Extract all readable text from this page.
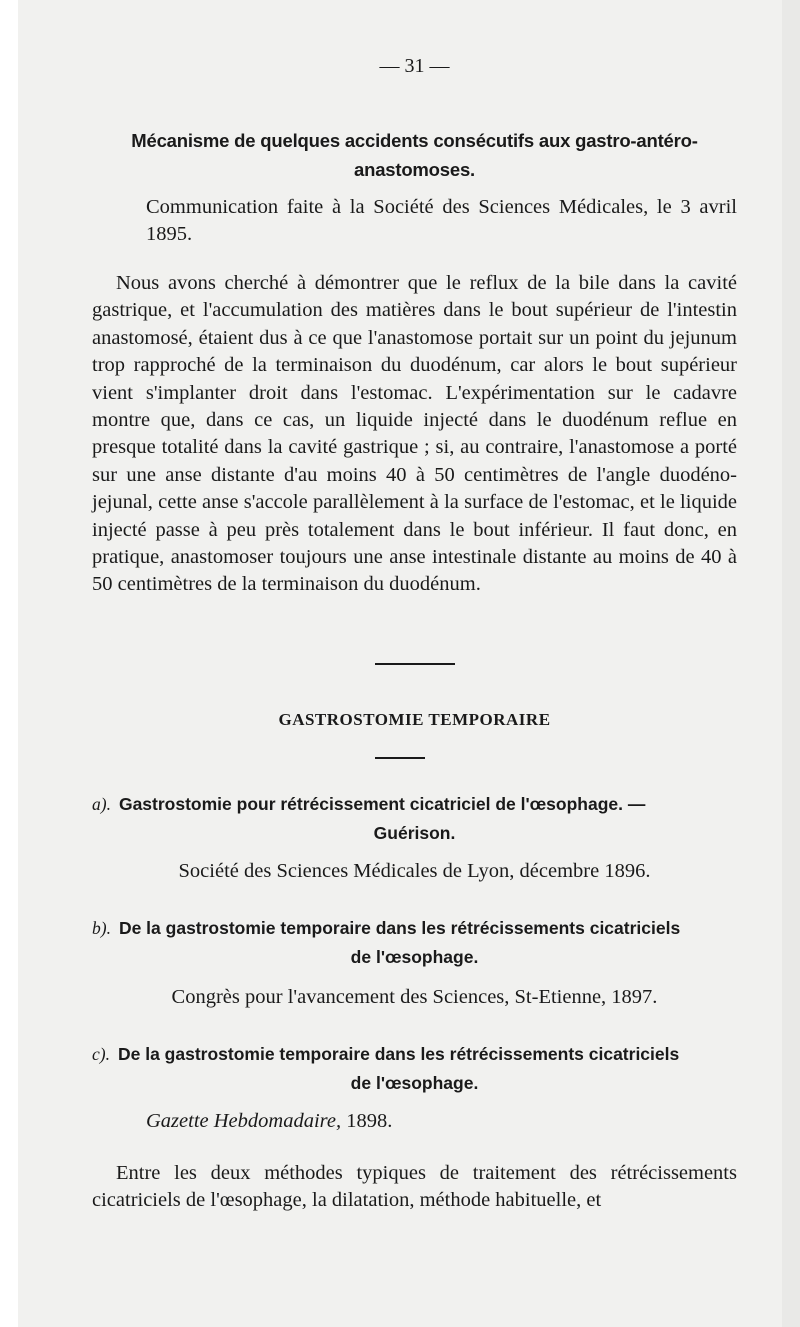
— 31 —
Mécanisme de quelques accidents consécutifs aux gastro-antéro-
anastomoses.
Communication faite à la Société des Sciences Médicales, le 3 avril 1895.
Nous avons cherché à démontrer que le reflux de la bile dans la cavité gastrique, et l'accumulation des matières dans le bout supérieur de l'intestin anastomosé, étaient dus à ce que l'anastomose portait sur un point du jejunum trop rapproché de la terminaison du duodénum, car alors le bout supérieur vient s'implanter droit dans l'estomac. L'expérimentation sur le cadavre montre que, dans ce cas, un liquide injecté dans le duodénum reflue en presque totalité dans la cavité gastrique ; si, au contraire, l'anastomose a porté sur une anse distante d'au moins 40 à 50 centimètres de l'angle duodéno-jejunal, cette anse s'accole parallèlement à la surface de l'estomac, et le liquide injecté passe à peu près totalement dans le bout inférieur. Il faut donc, en pratique, anastomoser toujours une anse intestinale distante au moins de 40 à 50 centimètres de la terminaison du duodénum.
GASTROSTOMIE TEMPORAIRE
a). Gastrostomie pour rétrécissement cicatriciel de l'œsophage. —
Guérison.
Société des Sciences Médicales de Lyon, décembre 1896.
b). De la gastrostomie temporaire dans les rétrécissements cicatriciels
de l'œsophage.
Congrès pour l'avancement des Sciences, St-Etienne, 1897.
c). De la gastrostomie temporaire dans les rétrécissements cicatriciels
de l'œsophage.
Gazette Hebdomadaire, 1898.
Entre les deux méthodes typiques de traitement des rétrécissements cicatriciels de l'œsophage, la dilatation, méthode habituelle, et
